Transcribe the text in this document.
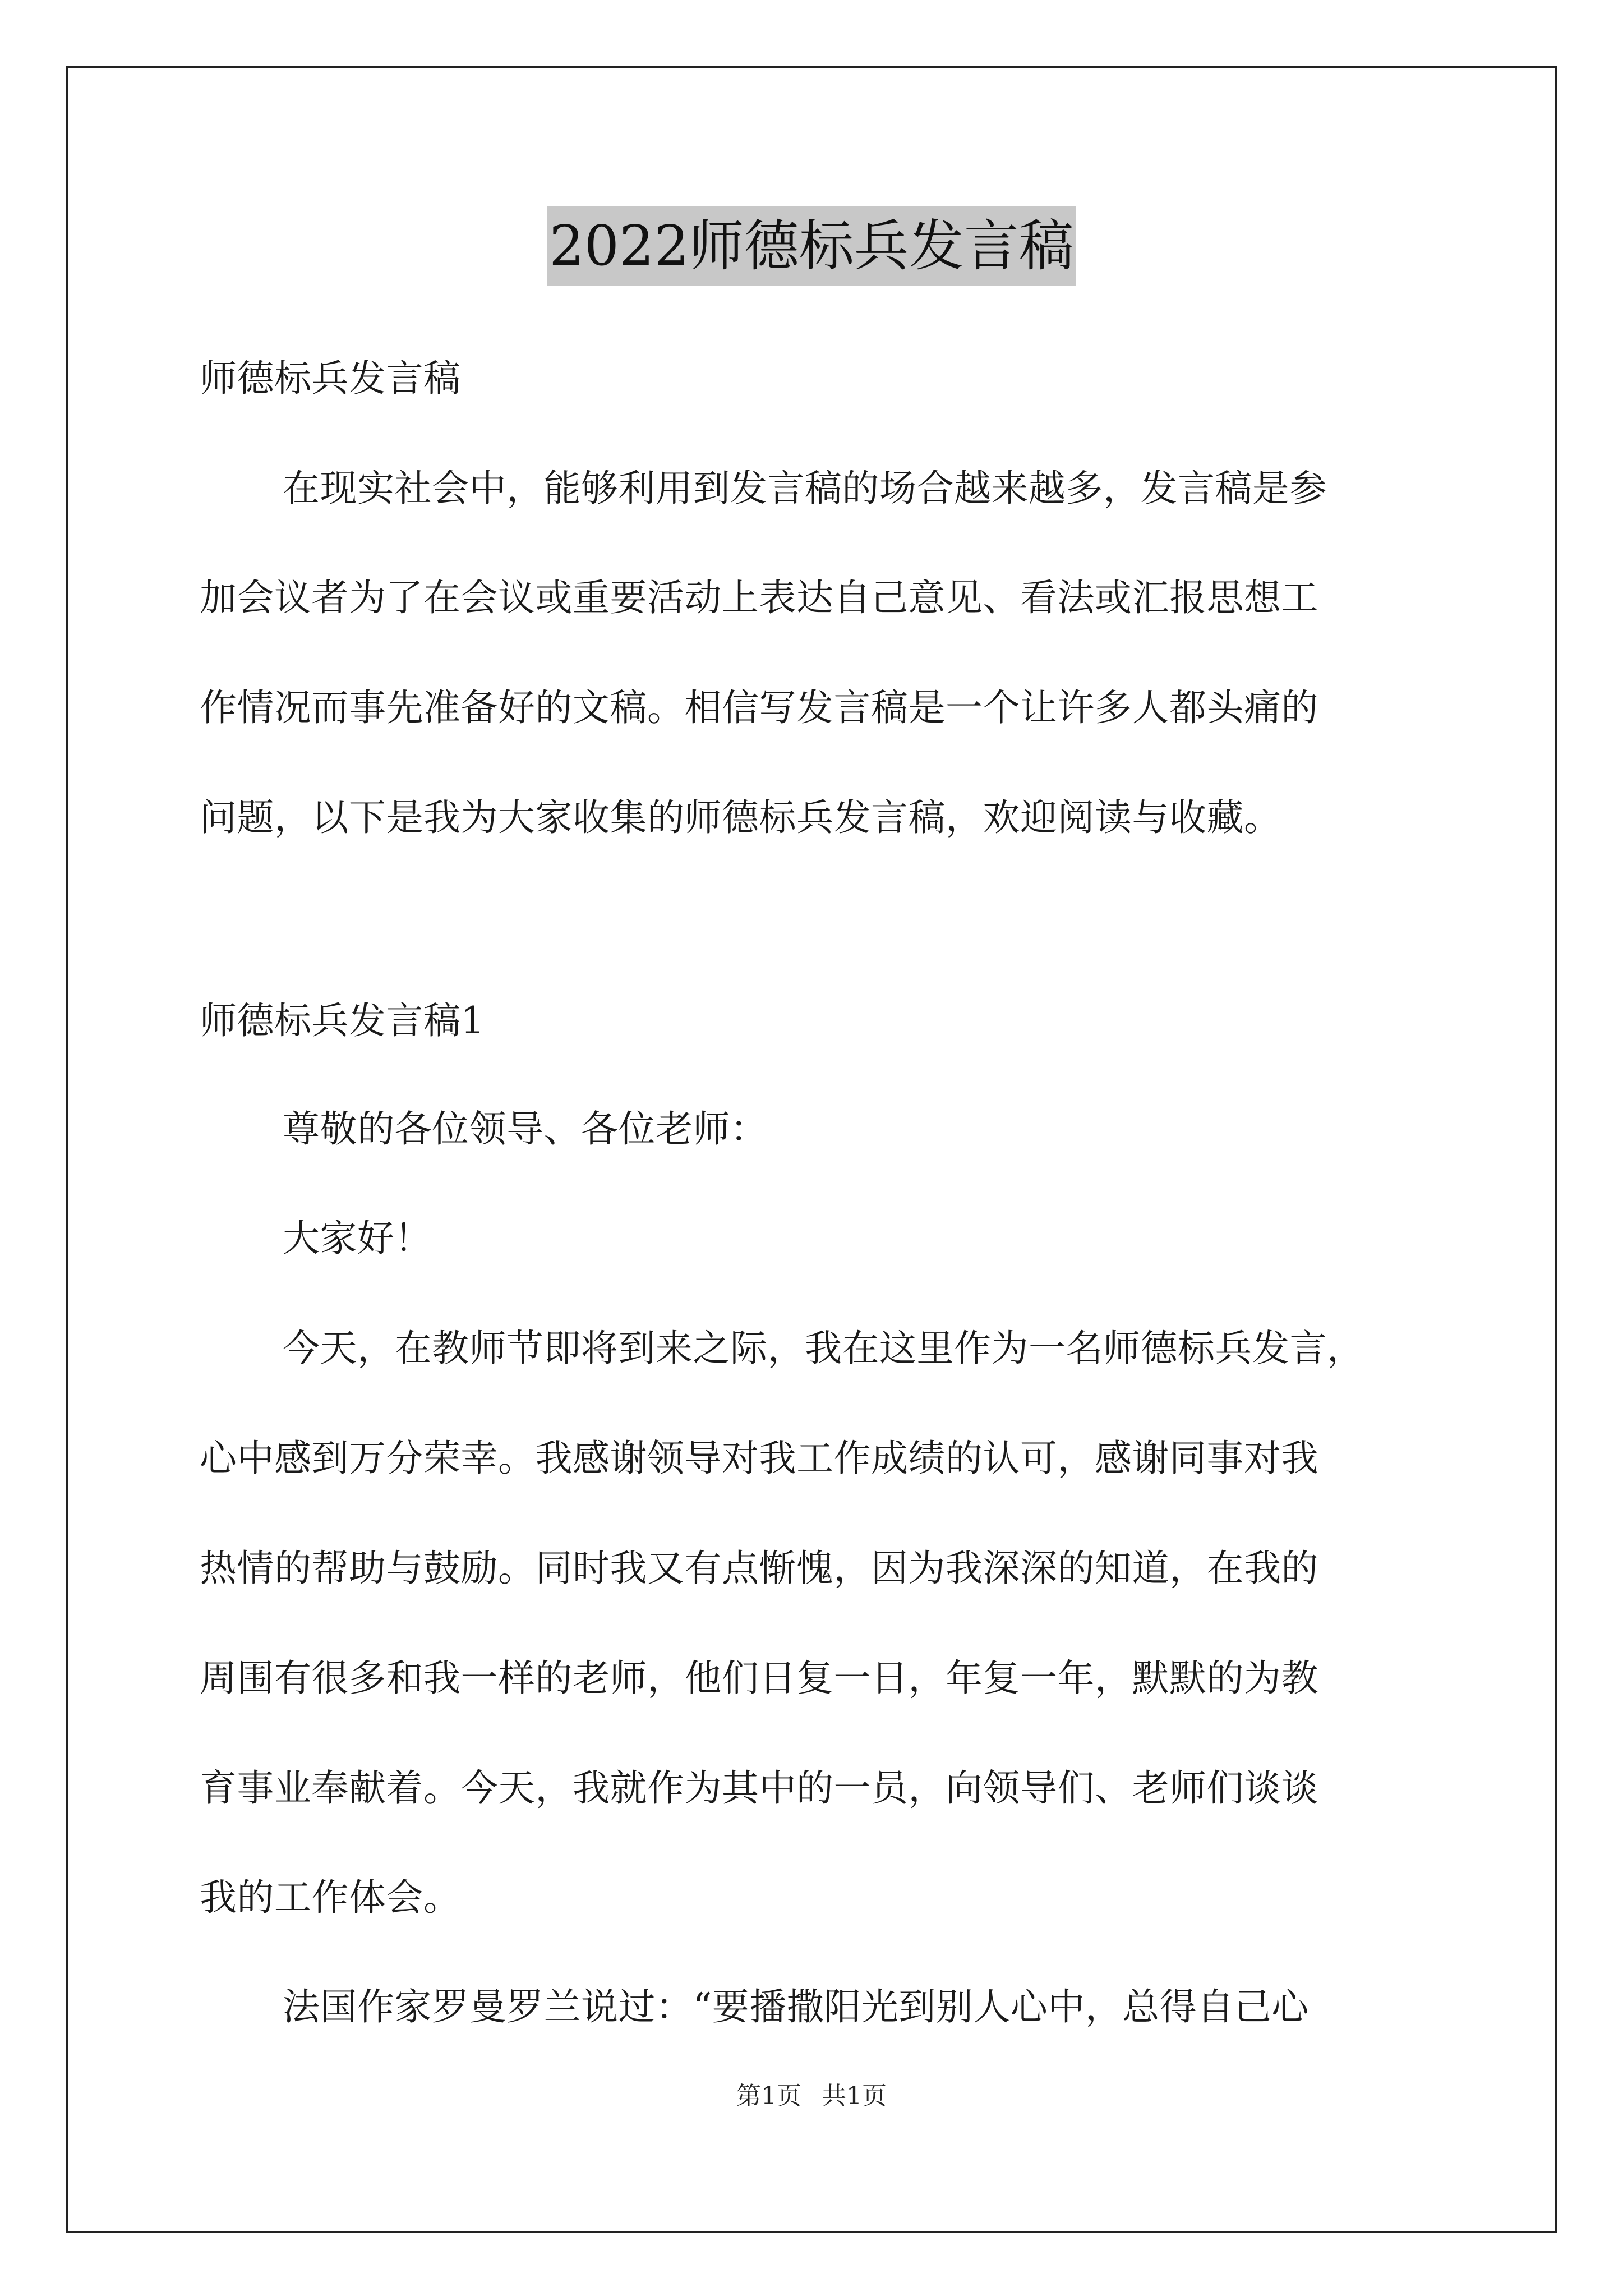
2022师德标兵发言稿
师德标兵发言稿
在现实社会中，能够利用到发言稿的场合越来越多，发言稿是参
加会议者为了在会议或重要活动上表达自己意见、看法或汇报思想工
作情况而事先准备好的文稿。相信写发言稿是一个让许多人都头痛的
问题，以下是我为大家收集的师德标兵发言稿，欢迎阅读与收藏。
师德标兵发言稿1
尊敬的各位领导、各位老师：
大家好！
今天，在教师节即将到来之际，我在这里作为一名师德标兵发言，
心中感到万分荣幸。我感谢领导对我工作成绩的认可，感谢同事对我
热情的帮助与鼓励。同时我又有点惭愧，因为我深深的知道，在我的
周围有很多和我一样的老师，他们日复一日，年复一年，默默的为教
育事业奉献着。今天，我就作为其中的一员，向领导们、老师们谈谈
我的工作体会。
法国作家罗曼罗兰说过：“要播撒阳光到别人心中，总得自己心
第1页 共1页
